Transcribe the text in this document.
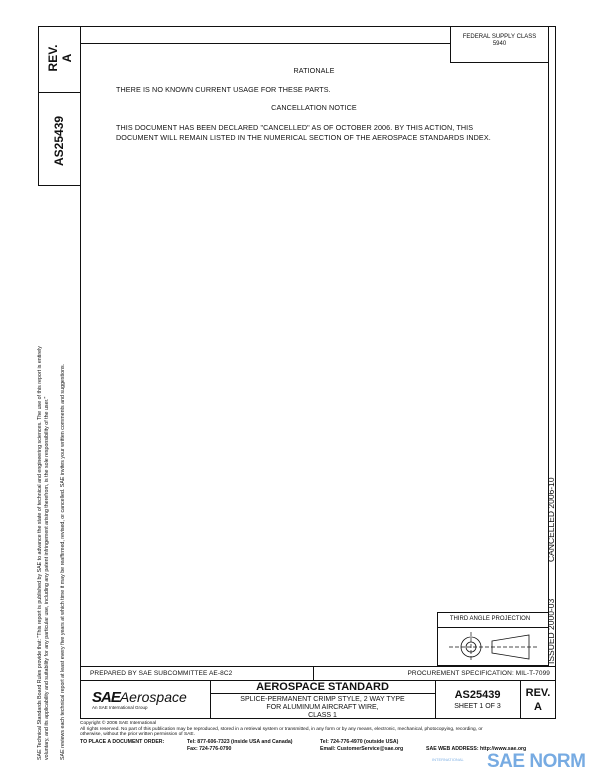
REV. A
AS25439
FEDERAL SUPPLY CLASS
5940
RATIONALE
THERE IS NO KNOWN CURRENT USAGE FOR THESE PARTS.
CANCELLATION NOTICE
THIS DOCUMENT HAS BEEN DECLARED "CANCELLED" AS OF OCTOBER 2006. BY THIS ACTION, THIS
DOCUMENT WILL REMAIN LISTED IN THE NUMERICAL SECTION OF THE AEROSPACE STANDARDS INDEX.
CANCELLED 2006-10
ISSUED 2000-03
THIRD ANGLE PROJECTION
PREPARED BY SAE SUBCOMMITTEE AE-8C2	PROCUREMENT SPECIFICATION: MIL-T-7099
SAEAerospace
An SAE International Group
AEROSPACE STANDARD
SPLICE-PERMANENT CRIMP STYLE, 2 WAY TYPE
FOR ALUMINUM AIRCRAFT WIRE,
CLASS 1
AS25439
SHEET 1 OF 3
REV.
A
Copyright © 2006 SAE International
All rights reserved. No part of this publication may be reproduced, stored in a retrieval system or transmitted, in any form or by any means, electronic, mechanical, photocopying, recording, or
otherwise, without the prior written permission of SAE.
TO PLACE A DOCUMENT ORDER:	Tel: 877-606-7323 (inside USA and Canada)
Fax: 724-776-0790
Tel: 724-776-4970 (outside USA)
Email: CustomerService@sae.org	SAE WEB ADDRESS: http://www.sae.org
SAE NORM
INTERNATIONAL
SAE Technical Standards Board Rules provide that: "This report is published by SAE to advance the state of technical and engineering sciences. The use of this report is entirely voluntary, and its applicability and suitability for any particular use, including any patent infringement arising therefrom, is the sole responsibility of the user." SAE reviews each technical report at least every five years at which time it may be reaffirmed, revised, or cancelled. SAE invites your written comments and suggestions.
